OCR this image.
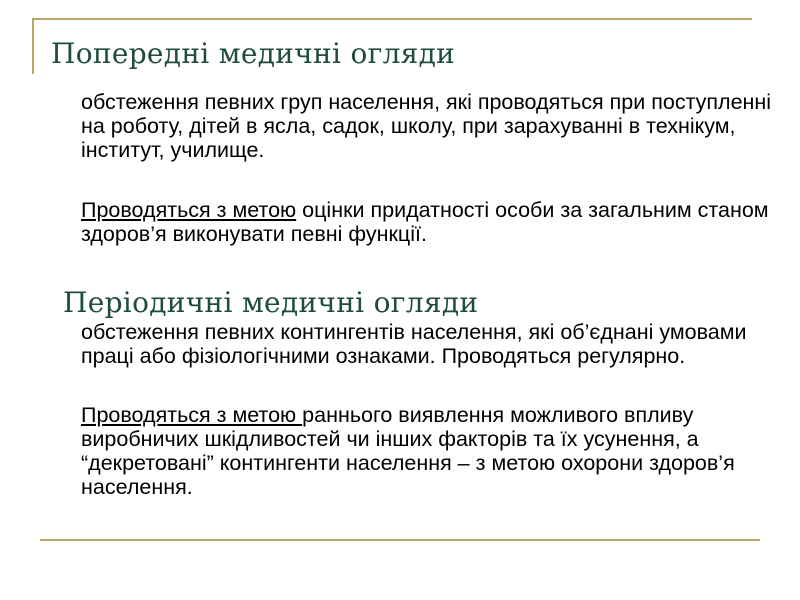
Попередні медичні огляди

обстеження певних груп населення, які проводяться при поступленні на роботу, дітей в ясла, садок, школу, при зарахуванні в технікум, інститут, училище.

Проводяться з метою оцінки придатності особи за загальним станом здоров’я виконувати певні функції.

Періодичні медичні огляди

обстеження певних контингентів населення, які об’єднані умовами праці або фізіологічними ознаками. Проводяться регулярно.

Проводяться з метою раннього виявлення можливого впливу виробничих шкідливостей чи інших факторів та їх усунення, а “декретовані” контингенти населення – з метою охорони здоров’я населення.
